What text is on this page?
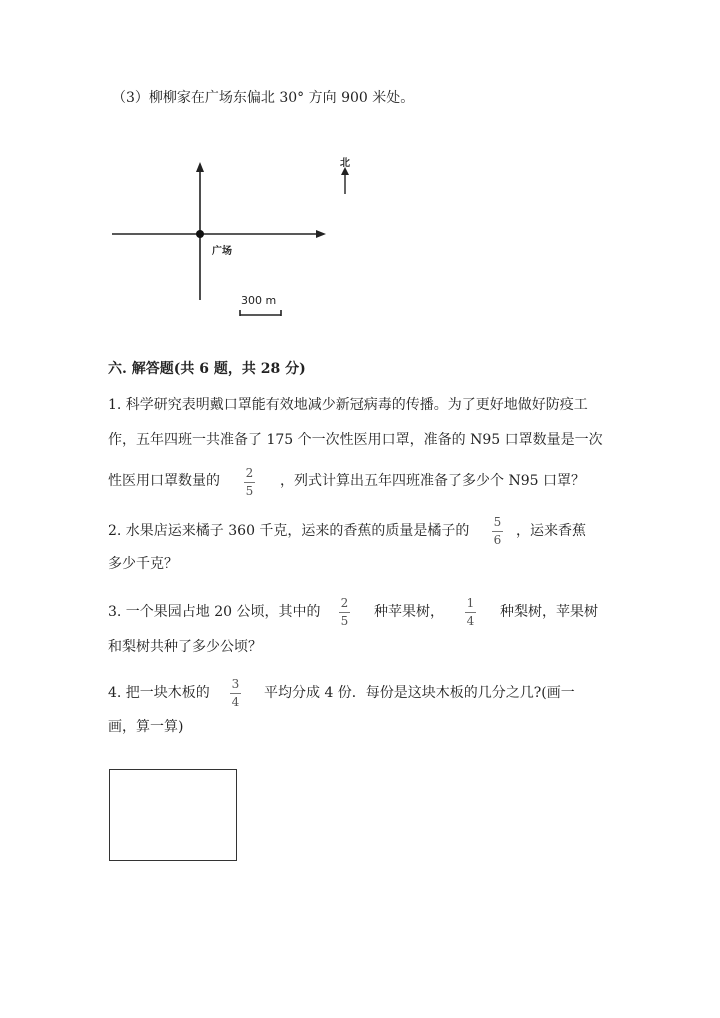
（3）柳柳家在广场东偏北 30° 方向 900 米处。
北
广场
300 m
六. 解答题(共 6 题，共 28 分)
1. 科学研究表明戴口罩能有效地减少新冠病毒的传播。为了更好地做好防疫工
作，五年四班一共准备了 175 个一次性医用口罩，准备的 N95 口罩数量是一次
性医用口罩数量的 2
5
，列式计算出五年四班准备了多少个 N95 口罩？
2. 水果店运来橘子 360 千克，运来的香蕉的质量是橘子的
5
6
，运来香蕉
多少千克？
3. 一个果园占地 20 公顷，其中的
2
5
种苹果树，
1
4
种梨树，苹果树
和梨树共种了多少公顷？
4. 把一块木板的
3
4
平均分成 4 份．每份是这块木板的几分之几?(画一
画，算一算)
